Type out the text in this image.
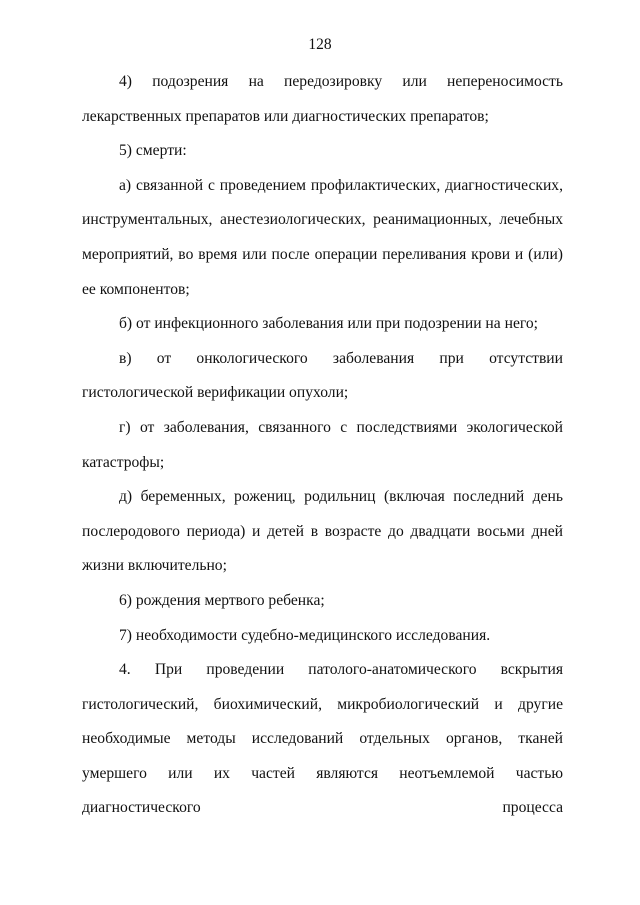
128

4) подозрения на передозировку или непереносимость лекарственных препаратов или диагностических препаратов;

5) смерти:

а) связанной с проведением профилактических, диагностических, инструментальных, анестезиологических, реанимационных, лечебных мероприятий, во время или после операции переливания крови и (или) ее компонентов;

б) от инфекционного заболевания или при подозрении на него;

в) от онкологического заболевания при отсутствии гистологической верификации опухоли;

г) от заболевания, связанного с последствиями экологической катастрофы;

д) беременных, рожениц, родильниц (включая последний день послеродового периода) и детей в возрасте до двадцати восьми дней жизни включительно;

6) рождения мертвого ребенка;

7) необходимости судебно-медицинского исследования.

4. При проведении патолого-анатомического вскрытия гистологический, биохимический, микробиологический и другие необходимые методы исследований отдельных органов, тканей умершего или их частей являются неотъемлемой частью диагностического процесса
